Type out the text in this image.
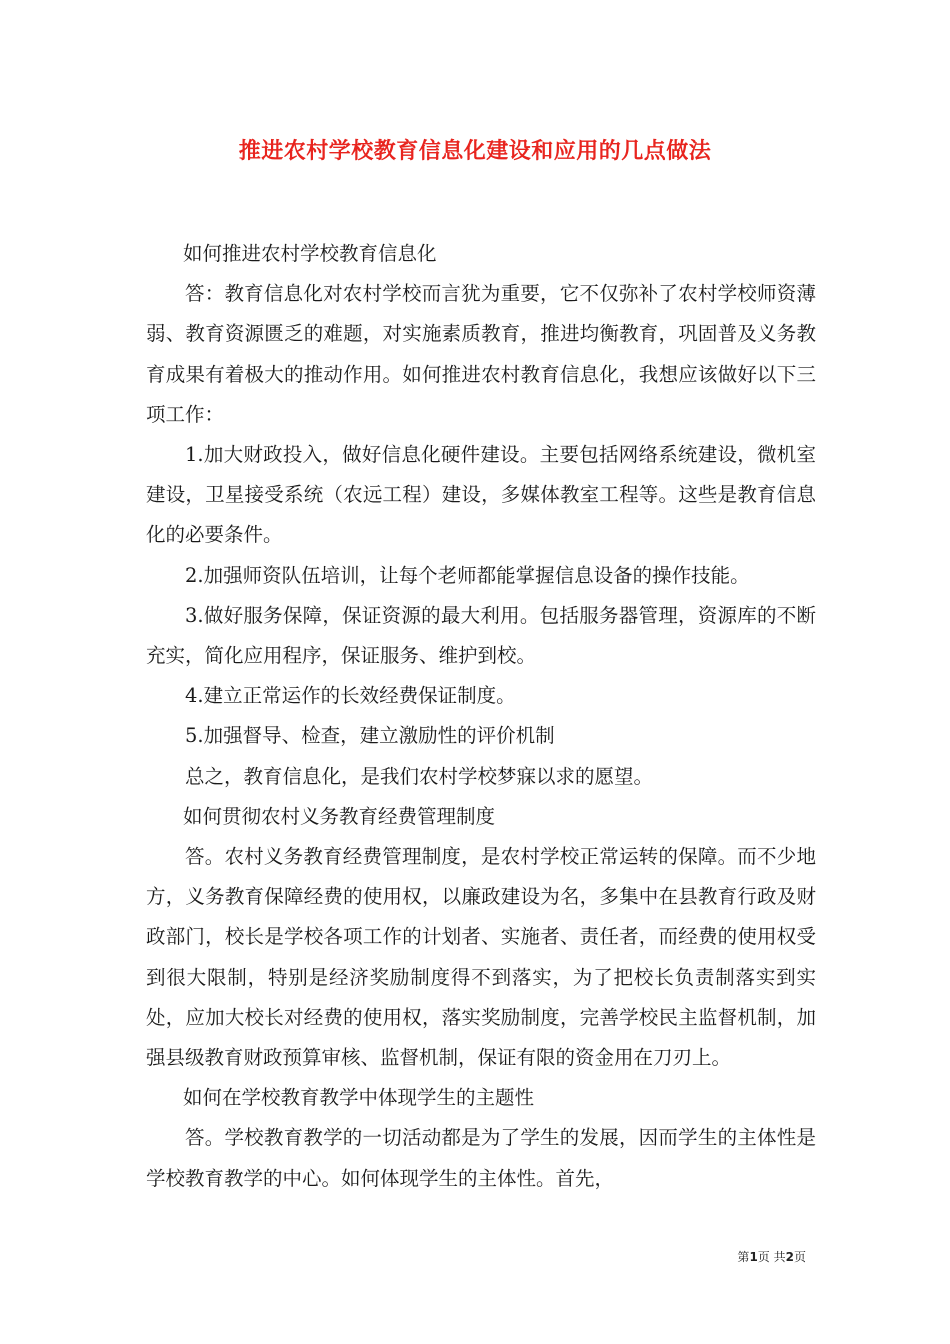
推进农村学校教育信息化建设和应用的几点做法

如何推进农村学校教育信息化

答：教育信息化对农村学校而言犹为重要，它不仅弥补了农村学校师资薄弱、教育资源匮乏的难题，对实施素质教育，推进均衡教育，巩固普及义务教育成果有着极大的推动作用。如何推进农村教育信息化，我想应该做好以下三项工作：

1.加大财政投入，做好信息化硬件建设。主要包括网络系统建设，微机室建设，卫星接受系统（农远工程）建设，多媒体教室工程等。这些是教育信息化的必要条件。

2.加强师资队伍培训，让每个老师都能掌握信息设备的操作技能。

3.做好服务保障，保证资源的最大利用。包括服务器管理，资源库的不断充实，简化应用程序，保证服务、维护到校。

4.建立正常运作的长效经费保证制度。

5.加强督导、检查，建立激励性的评价机制

总之，教育信息化，是我们农村学校梦寐以求的愿望。

如何贯彻农村义务教育经费管理制度

答。农村义务教育经费管理制度，是农村学校正常运转的保障。而不少地方，义务教育保障经费的使用权，以廉政建设为名，多集中在县教育行政及财政部门，校长是学校各项工作的计划者、实施者、责任者，而经费的使用权受到很大限制，特别是经济奖励制度得不到落实，为了把校长负责制落实到实处，应加大校长对经费的使用权，落实奖励制度，完善学校民主监督机制，加强县级教育财政预算审核、监督机制，保证有限的资金用在刀刃上。

如何在学校教育教学中体现学生的主题性

答。学校教育教学的一切活动都是为了学生的发展，因而学生的主体性是学校教育教学的中心。如何体现学生的主体性。首先，

第1页 共2页
